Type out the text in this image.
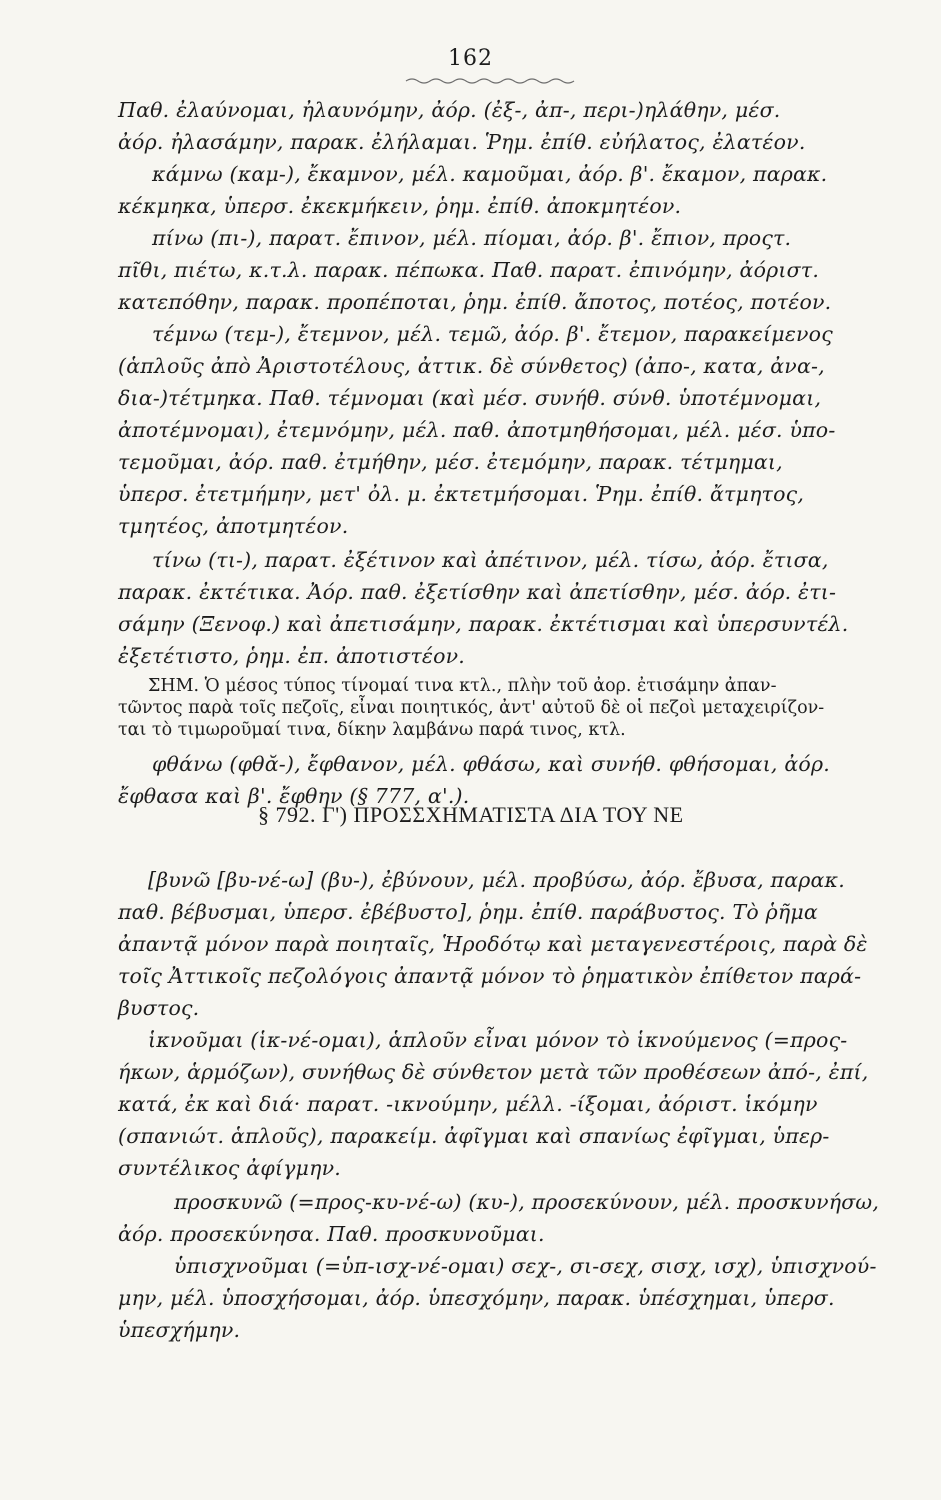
162
Παθ. ἐλαύνομαι, ἠλαυνόμην, ἀόρ. (ἐξ-, ἀπ-, περι-)ηλάθην, μέσ.
ἀόρ. ἠλασάμην, παρακ. ἐλήλαμαι. Ῥημ. ἐπίθ. εὐήλατος, ἐλατέον.
κάμνω (καμ-), ἔκαμνον, μέλ. καμοῦμαι, ἀόρ. β'. ἔκαμον, παρακ.
κέκμηκα, ὑπερσ. ἐκεκμήκειν, ῥημ. ἐπίθ. ἀποκμητέον.
πίνω (πι-), παρατ. ἔπινον, μέλ. πίομαι, ἀόρ. β'. ἔπιον, προςτ.
πῖθι, πιέτω, κ.τ.λ. παρακ. πέπωκα. Παθ. παρατ. ἐπινόμην, ἀόριστ.
κατεπόθην, παρακ. προπέποται, ῥημ. ἐπίθ. ἄποτος, ποτέος, ποτέον.
τέμνω (τεμ-), ἔτεμνον, μέλ. τεμῶ, ἀόρ. β'. ἔτεμον, παρακείμενος
(ἁπλοῦς ἀπὸ Ἀριστοτέλους, ἀττικ. δὲ σύνθετος) (ἀπο-, κατα, ἀνα-,
δια-)τέτμηκα. Παθ. τέμνομαι (καὶ μέσ. συνήθ. σύνθ. ὑποτέμνομαι,
ἀποτέμνομαι), ἐτεμνόμην, μέλ. παθ. ἀποτμηθήσομαι, μέλ. μέσ. ὑπο-
τεμοῦμαι, ἀόρ. παθ. ἐτμήθην, μέσ. ἐτεμόμην, παρακ. τέτμημαι,
ὑπερσ. ἐτετμήμην, μετ' ὀλ. μ. ἐκτετμήσομαι. Ῥημ. ἐπίθ. ἄτμητος,
τμητέος, ἀποτμητέον.
τίνω (τι-), παρατ. ἐξέτινον καὶ ἀπέτινον, μέλ. τίσω, ἀόρ. ἔτισα,
παρακ. ἐκτέτικα. Ἀόρ. παθ. ἐξετίσθην καὶ ἀπετίσθην, μέσ. ἀόρ. ἐτι-
σάμην (Ξενοφ.) καὶ ἀπετισάμην, παρακ. ἐκτέτισμαι καὶ ὑπερσυντέλ.
ἐξετέτιστο, ῥημ. ἐπ. ἀποτιστέον.
ΣΗΜ. Ὁ μέσος τύπος τίνομαί τινα κτλ., πλὴν τοῦ ἀορ. ἐτισάμην ἀπαν-
τῶντος παρὰ τοῖς πεζοῖς, εἶναι ποιητικός, ἀντ' αὐτοῦ δὲ οἱ πεζοὶ μεταχειρίζον-
ται τὸ τιμωροῦμαί τινα, δίκην λαμβάνω παρά τινος, κτλ.
φθάνω (φθᾰ-), ἔφθανον, μέλ. φθάσω, καὶ συνήθ. φθήσομαι, ἀόρ.
ἔφθασα καὶ β'. ἔφθην (§ 777, α'.).
§ 792. Γ') ΠΡΟΣΣΧΗΜΑΤΙΣΤΑ ΔΙΑ ΤΟΥ ΝΕ
[βυνῶ [βυ-νέ-ω] (βυ-), ἐβύνουν, μέλ. προβύσω, ἀόρ. ἔβυσα, παρακ.
παθ. βέβυσμαι, ὑπερσ. ἐβέβυστο], ῥημ. ἐπίθ. παράβυστος. Τὸ ῥῆμα
ἀπαντᾷ μόνον παρὰ ποιηταῖς, Ἡροδότῳ καὶ μεταγενεστέροις, παρὰ δὲ
τοῖς Ἀττικοῖς πεζολόγοις ἀπαντᾷ μόνον τὸ ῥηματικὸν ἐπίθετον παρά-
βυστος.
ἱκνοῦμαι (ἱκ-νέ-ομαι), ἁπλοῦν εἶναι μόνον τὸ ἱκνούμενος (=προς-
ήκων, ἁρμόζων), συνήθως δὲ σύνθετον μετὰ τῶν προθέσεων ἀπό-, ἐπί,
κατά, ἐκ καὶ διά· παρατ. -ικνούμην, μέλλ. -ίξομαι, ἀόριστ. ἱκόμην
(σπανιώτ. ἁπλοῦς), παρακείμ. ἀφῖγμαι καὶ σπανίως ἐφῖγμαι, ὑπερ-
συντέλικος ἀφίγμην.
προσκυνῶ (=προς-κυ-νέ-ω) (κυ-), προσεκύνουν, μέλ. προσκυνήσω,
ἀόρ. προσεκύνησα. Παθ. προσκυνοῦμαι.
ὑπισχνοῦμαι (=ὑπ-ισχ-νέ-ομαι) σεχ-, σι-σεχ, σισχ, ισχ), ὑπισχνού-
μην, μέλ. ὑποσχήσομαι, ἀόρ. ὑπεσχόμην, παρακ. ὑπέσχημαι, ὑπερσ.
ὑπεσχήμην.
